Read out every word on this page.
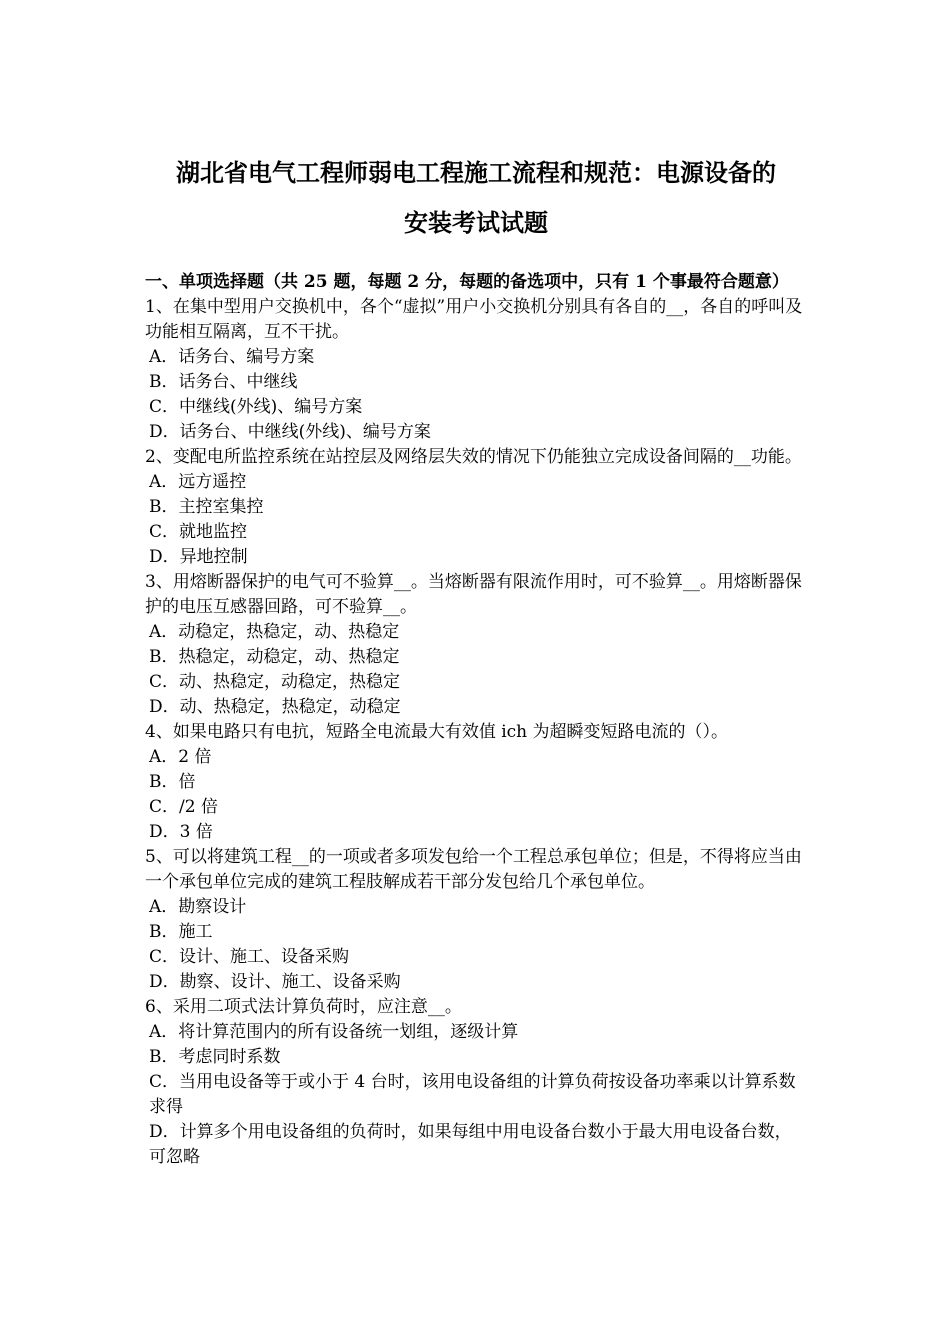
湖北省电气工程师弱电工程施工流程和规范：电源设备的
安装考试试题

一、单项选择题（共 25 题，每题 2 分，每题的备选项中，只有 1 个事最符合题意）

1、在集中型用户交换机中，各个“虚拟”用户小交换机分别具有各自的__，各自的呼叫及功能相互隔离，互不干扰。

A．话务台、编号方案

B．话务台、中继线

C．中继线(外线)、编号方案

D．话务台、中继线(外线)、编号方案

2、变配电所监控系统在站控层及网络层失效的情况下仍能独立完成设备间隔的__功能。

A．远方遥控

B．主控室集控

C．就地监控

D．异地控制

3、用熔断器保护的电气可不验算__。当熔断器有限流作用时，可不验算__。用熔断器保护的电压互感器回路，可不验算__。

A．动稳定，热稳定，动、热稳定

B．热稳定，动稳定，动、热稳定

C．动、热稳定，动稳定，热稳定

D．动、热稳定，热稳定，动稳定

4、如果电路只有电抗，短路全电流最大有效值 ich 为超瞬变短路电流的（）。

A．2 倍

B．倍

C．/2 倍

D．3 倍

5、可以将建筑工程__的一项或者多项发包给一个工程总承包单位；但是，不得将应当由一个承包单位完成的建筑工程肢解成若干部分发包给几个承包单位。

A．勘察设计

B．施工

C．设计、施工、设备采购

D．勘察、设计、施工、设备采购

6、采用二项式法计算负荷时，应注意__。

A．将计算范围内的所有设备统一划组，逐级计算

B．考虑同时系数

C．当用电设备等于或小于 4 台时，该用电设备组的计算负荷按设备功率乘以计算系数求得

D．计算多个用电设备组的负荷时，如果每组中用电设备台数小于最大用电设备台数，可忽略
